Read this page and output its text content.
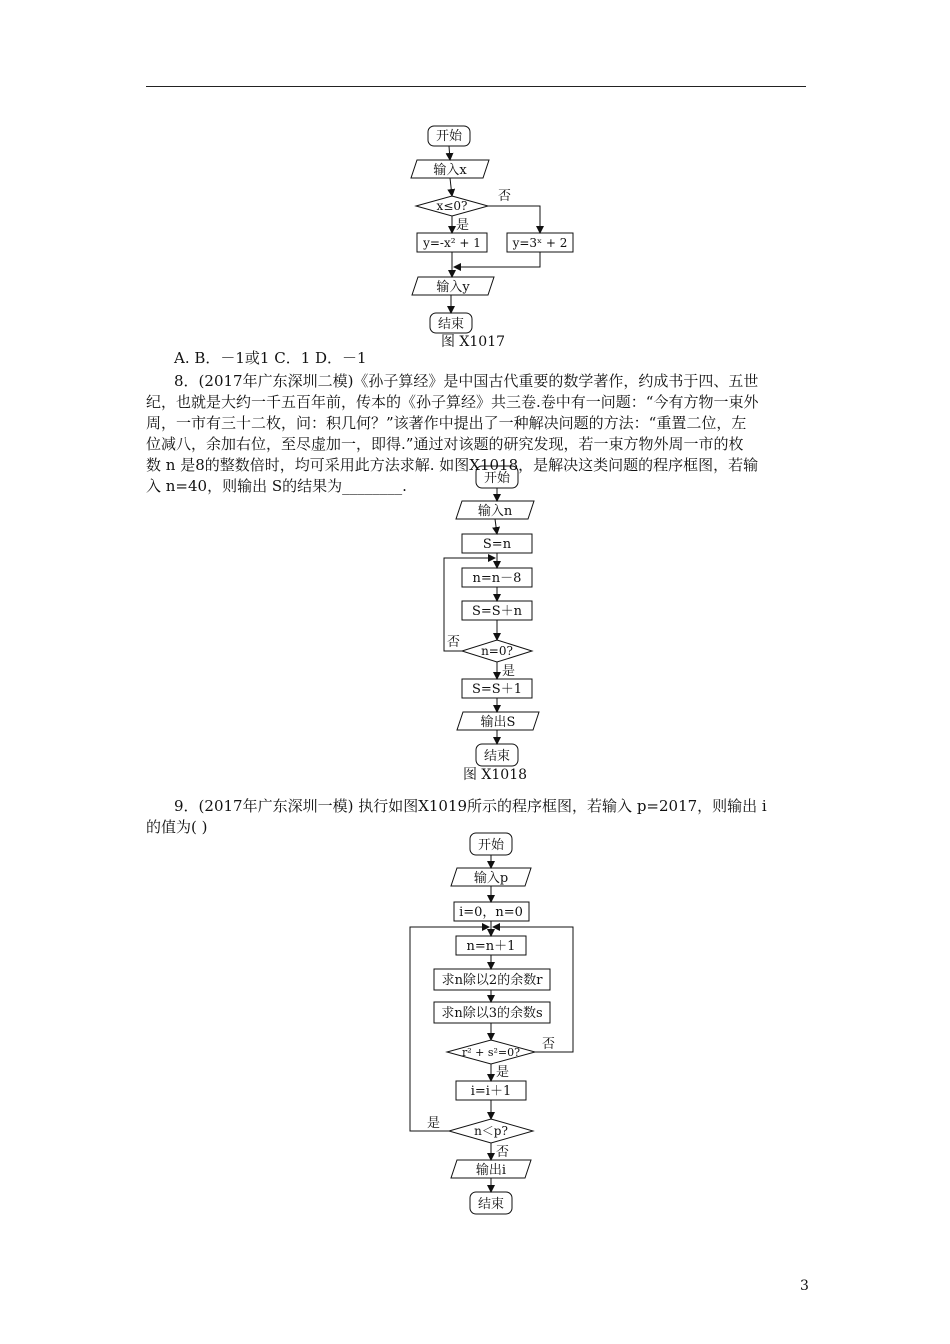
开始
输入x
x≤0?
否
是
y=-x² + 1	y=3ˣ + 2
输入y
结束
图 X1017
开始
输入n
S=n
n=n－8
S=S＋n
n=0?
否
是
S=S＋1
输出S
结束
图 X1018
开始
输入p
i=0，n=0
n=n＋1
求n除以2的余数r
求n除以3的余数s
r² + s²=0?
否
是
i=i＋1
n＜p?
是
否
输出i
结束
A. B．－1或1 C．1 D．－1
8．(2017年广东深圳二模)《孙子算经》是中国古代重要的数学著作，约成书于四、五世
纪，也就是大约一千五百年前，传本的《孙子算经》共三卷.卷中有一问题：“今有方物一束外
周，一市有三十二枚，问：积几何？”该著作中提出了一种解决问题的方法：“重置二位，左
位减八，余加右位，至尽虚加一，即得.”通过对该题的研究发现，若一束方物外周一市的枚
数 n 是8的整数倍时，均可采用此方法求解. 如图X1018，是解决这类问题的程序框图，若输
入 n=40，则输出 S的结果为________.
9．(2017年广东深圳一模) 执行如图X1019所示的程序框图，若输入 p=2017，则输出 i
的值为( )
3
